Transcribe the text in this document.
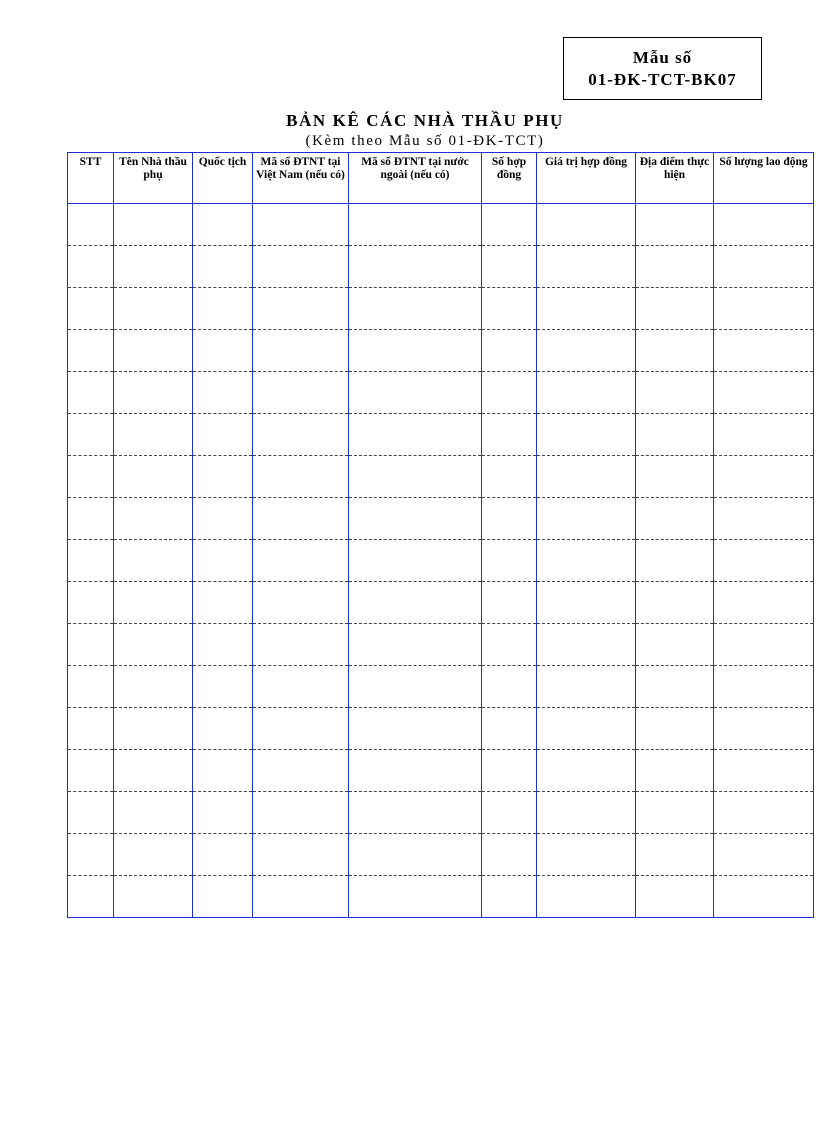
Mẫu số
01-ĐK-TCT-BK07
BẢN KÊ CÁC NHÀ THẦU PHỤ
(Kèm theo Mẫu số 01-ĐK-TCT)
STT	Tên Nhà thầu phụ	Quốc tịch	Mã số ĐTNT tại Việt Nam (nếu có)	Mã số ĐTNT tại nước ngoài (nếu có)	Số hợp đồng	Giá trị hợp đồng	Địa điểm thực hiện	Số lượng lao động
